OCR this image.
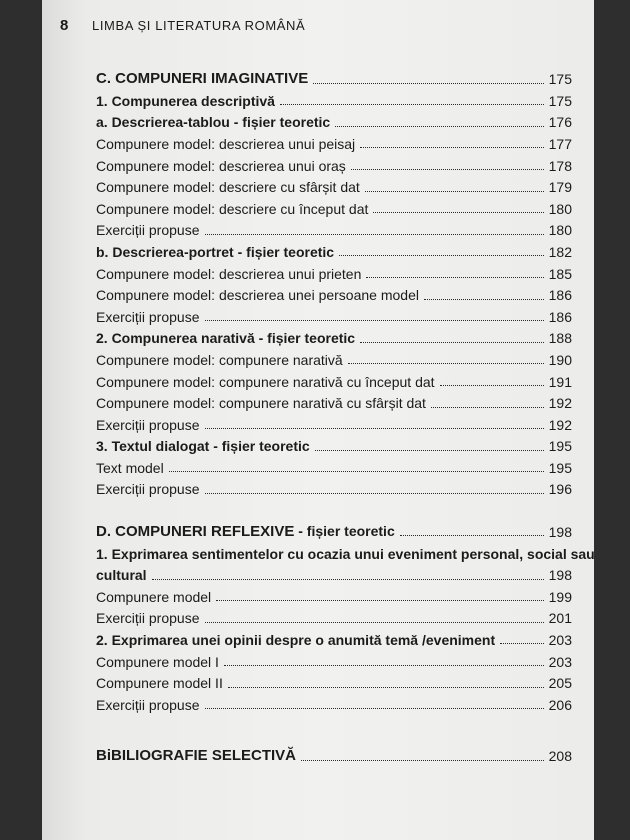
8	LIMBA ȘI LITERATURA ROMÂNĂ
C. COMPUNERI IMAGINATIVE	175
1. Compunerea descriptivă	175
a. Descrierea-tablou - fișier teoretic	176
Compunere model: descrierea unui peisaj	177
Compunere model: descrierea unui oraș	178
Compunere model: descriere cu sfârșit dat	179
Compunere model: descriere cu început dat	180
Exerciții propuse	180
b. Descrierea-portret - fișier teoretic	182
Compunere model: descrierea unui prieten	185
Compunere model: descrierea unei persoane model	186
Exerciții propuse	186
2. Compunerea narativă - fișier teoretic	188
Compunere model: compunere narativă	190
Compunere model: compunere narativă cu început dat	191
Compunere model: compunere narativă cu sfârșit dat	192
Exerciții propuse	192
3. Textul dialogat - fișier teoretic	195
Text model	195
Exerciții propuse	196
D. COMPUNERI REFLEXIVE - fișier teoretic	198
1. Exprimarea sentimentelor cu ocazia unui eveniment personal, social sau
cultural	198
Compunere model	199
Exerciții propuse	201
2. Exprimarea unei opinii despre o anumită temă /eveniment	203
Compunere model I	203
Compunere model II	205
Exerciții propuse	206
BiBILIOGRAFIE SELECTIVĂ	208
